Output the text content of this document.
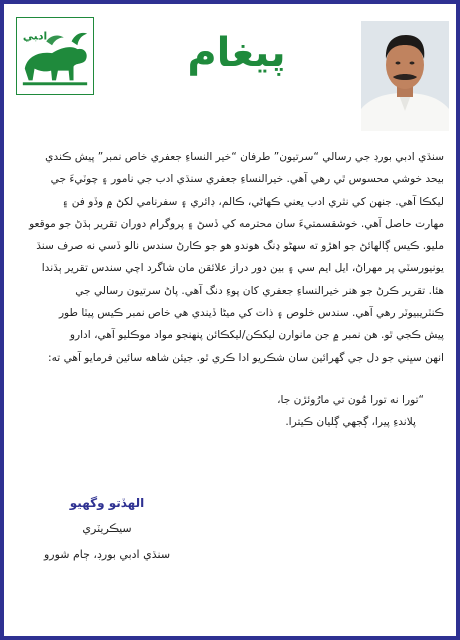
ﺍﺩﺒﻲ	پيغام

سنڌي ادبي بورڊ جي رسالي “سرتيون” طرفان “خير النساءِ جعفري خاص نمبر” پيش ڪندي

بيحد خوشي محسوس ٿي رهي آهي. خيرالنساءِ جعفري سنڌي ادب جي نامور ۽ چوٽيءَ جي

ليکڪا آهي. جنهن کي نثري ادب يعني ڪهاڻي، ڪالم، ڊائري ۽ سفرنامي لکڻ ۾ وڏو فن ۽

مهارت حاصل آهي. خوشقسمتيءَ سان محترمه کي ڏسڻ ۽ پروگرام دوران تقرير ٻڌڻ جو موقعو

مليو. ڪيس ڳالهائڻ جو اهڙو ته سهڻو ڍنگ هوندو هو جو ڪارڻ سندس نالو ڏسي نه صرف سنڌ

يونيورسٽي پر مهراڻ، ايل ايم سي ۽ بين دور دراز علائقن مان شاگرد اچي سندس تقرير ٻڌندا

هئا. تقرير ڪرڻ جو هنر خيرالنساءِ جعفري کان پوءِ دنگ آهي. پاڻ سرتيون رسالي جي

ڪنٽريبيوٽر رهي آهي. سندس خلوص ۽ ذات کي ميڻا ڏيندي هي خاص نمبر ڪيس پيٽا طور

پيش ڪجي ٿو. هن نمبر ۾ جن مانوارن ليکڪن/ليکڪائن پنهنجو مواد موڪليو آهي، ادارو

انهن سڀني جو دل جي گهرائين سان شڪريو ادا ڪري ٿو. جيئن شاهه سائين فرمايو آهي ته:

“تورا نه تورا مُون تي مارُوئڙن جا،
پلاندءِ پيرا، ڳجهي ڳليان ڪيترا.
الهڏتو وگهيو
سيڪريٽري
سنڌي ادبي بورڊ، ڄام شورو
